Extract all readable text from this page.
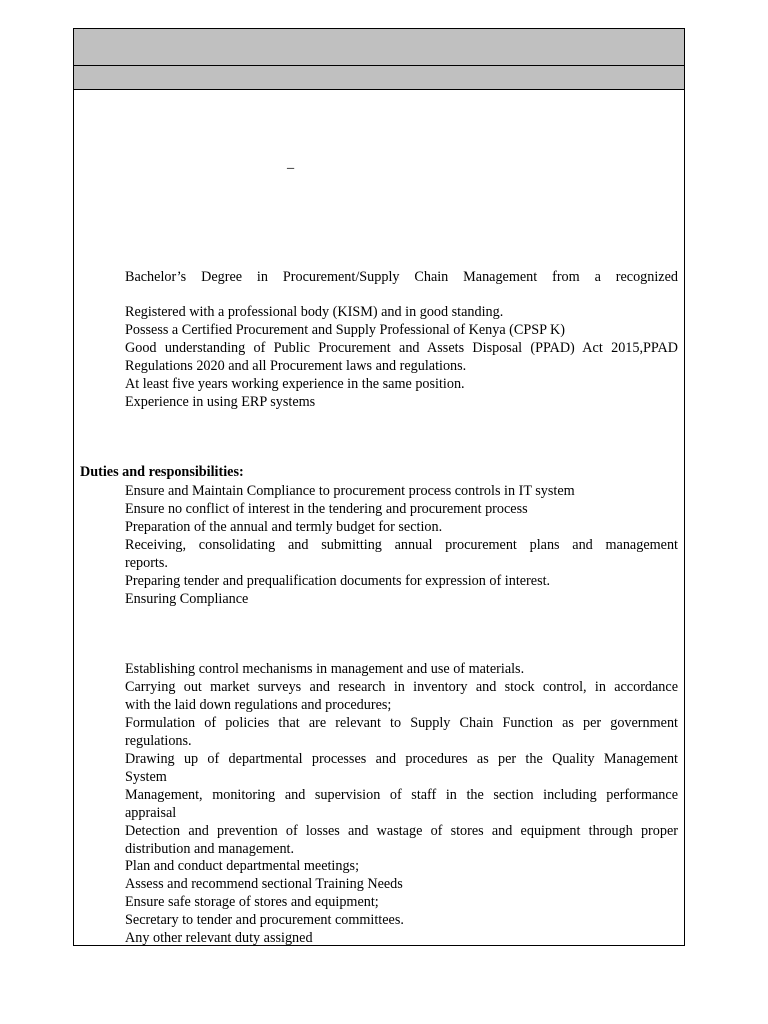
–
Bachelor’s Degree in Procurement/Supply Chain Management from a recognized
Registered with a professional body (KISM) and in good standing.
Possess a Certified Procurement and Supply Professional of Kenya (CPSP K)
Good understanding of Public Procurement and Assets Disposal (PPAD) Act 2015,PPAD
Regulations 2020 and all Procurement laws and regulations.
At least five years working experience in the same position.
Experience in using ERP systems
Duties and responsibilities:
Ensure and Maintain Compliance to procurement process controls in IT system
Ensure no conflict of interest in the tendering and procurement process
Preparation of the annual and termly budget for section.
Receiving, consolidating and submitting annual procurement plans and management
reports.
Preparing tender and prequalification documents for expression of interest.
Ensuring Compliance
Establishing control mechanisms in management and use of materials.
Carrying out market surveys and research in inventory and stock control, in accordance
with the laid down regulations and procedures;
Formulation of policies that are relevant to Supply Chain Function as per government
regulations.
Drawing up of departmental processes and procedures as per the Quality Management
System
Management, monitoring and supervision of staff in the section including performance
appraisal
Detection and prevention of losses and wastage of stores and equipment through proper
distribution and management.
Plan and conduct departmental meetings;
Assess and recommend sectional Training Needs
Ensure safe storage of stores and equipment;
Secretary to tender and procurement committees.
Any other relevant duty assigned
